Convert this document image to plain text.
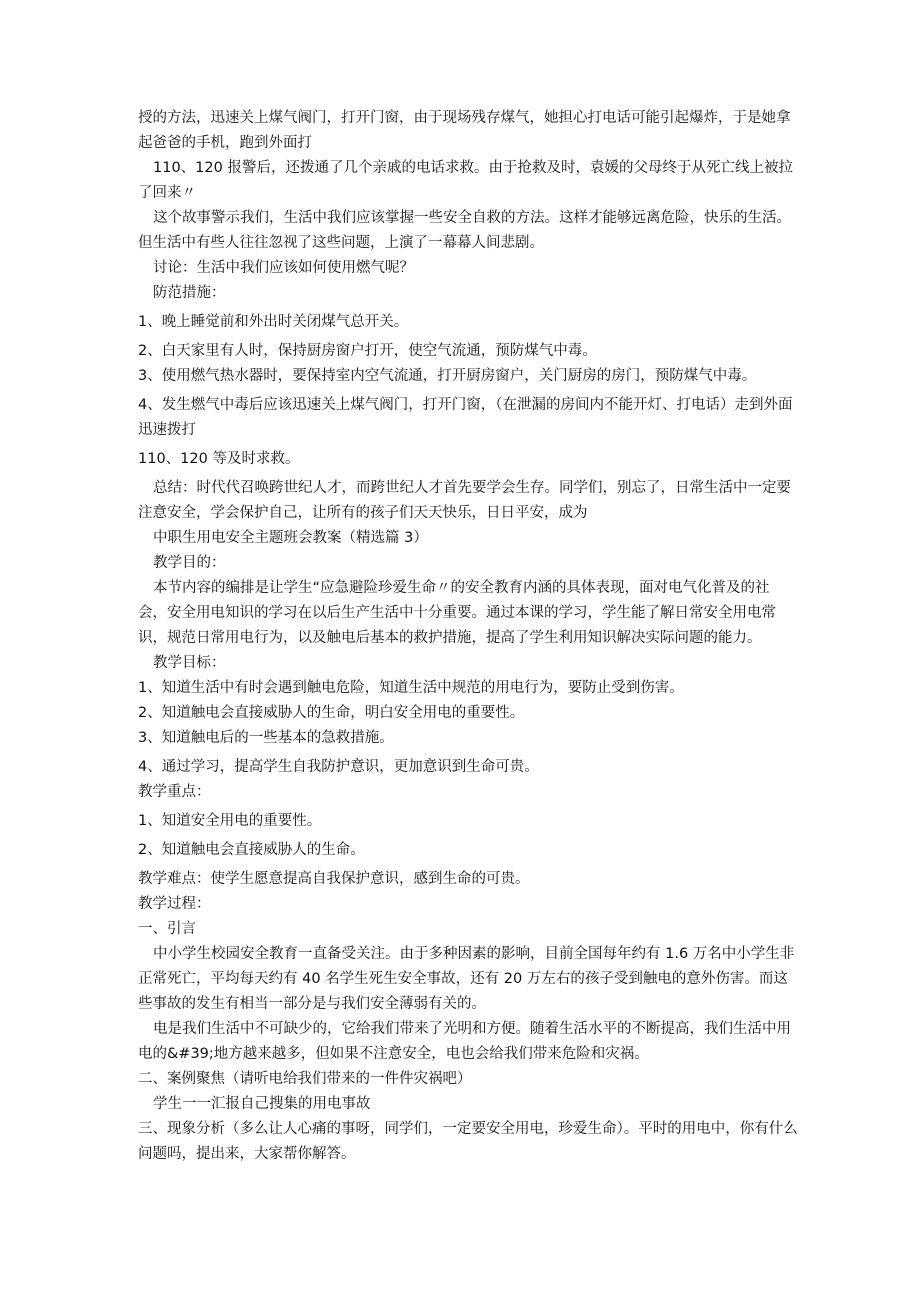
授的方法，迅速关上煤气阀门，打开门窗，由于现场残存煤气，她担心打电话可能引起爆炸，于是她拿起爸爸的手机，跑到外面打

110、120 报警后，还拨通了几个亲戚的电话求救。由于抢救及时，袁媛的父母终于从死亡线上被拉了回来〃

这个故事警示我们，生活中我们应该掌握一些安全自救的方法。这样才能够远离危险，快乐的生活。但生活中有些人往往忽视了这些问题，上演了一幕幕人间悲剧。

讨论：生活中我们应该如何使用燃气呢？

防范措施：

1、晚上睡觉前和外出时关闭煤气总开关。

2、白天家里有人时，保持厨房窗户打开，使空气流通，预防煤气中毒。

3、使用燃气热水器时，要保持室内空气流通，打开厨房窗户，关门厨房的房门，预防煤气中毒。

4、发生燃气中毒后应该迅速关上煤气阀门，打开门窗，（在泄漏的房间内不能开灯、打电话）走到外面迅速拨打

110、120 等及时求救。

总结：时代代召唤跨世纪人才，而跨世纪人才首先要学会生存。同学们，别忘了，日常生活中一定要注意安全，学会保护自己，让所有的孩子们天天快乐，日日平安，成为

中职生用电安全主题班会教案（精选篇 3）

教学目的：

本节内容的编排是让学生“应急避险珍爱生命〃的安全教育内涵的具体表现，面对电气化普及的社会，安全用电知识的学习在以后生产生活中十分重要。通过本课的学习，学生能了解日常安全用电常识，规范日常用电行为，以及触电后基本的救护措施，提高了学生利用知识解决实际问题的能力。

教学目标：

1、知道生活中有时会遇到触电危险，知道生活中规范的用电行为，要防止受到伤害。

2、知道触电会直接威胁人的生命，明白安全用电的重要性。

3、知道触电后的一些基本的急救措施。

4、通过学习，提高学生自我防护意识，更加意识到生命可贵。

教学重点：

1、知道安全用电的重要性。

2、知道触电会直接威胁人的生命。

教学难点：使学生愿意提高自我保护意识，感到生命的可贵。

教学过程：

一、引言

中小学生校园安全教育一直备受关注。由于多种因素的影响，目前全国每年约有 1.6 万名中小学生非正常死亡，平均每天约有 40 名学生死生安全事故，还有 20 万左右的孩子受到触电的意外伤害。而这些事故的发生有相当一部分是与我们安全薄弱有关的。

电是我们生活中不可缺少的，它给我们带来了光明和方便。随着生活水平的不断提高，我们生活中用电的&#39;地方越来越多，但如果不注意安全，电也会给我们带来危险和灾祸。

二、案例聚焦（请听电给我们带来的一件件灾祸吧）

学生一一汇报自己搜集的用电事故

三、现象分析（多么让人心痛的事呀，同学们，一定要安全用电，珍爱生命）。平时的用电中，你有什么问题吗，提出来，大家帮你解答。
